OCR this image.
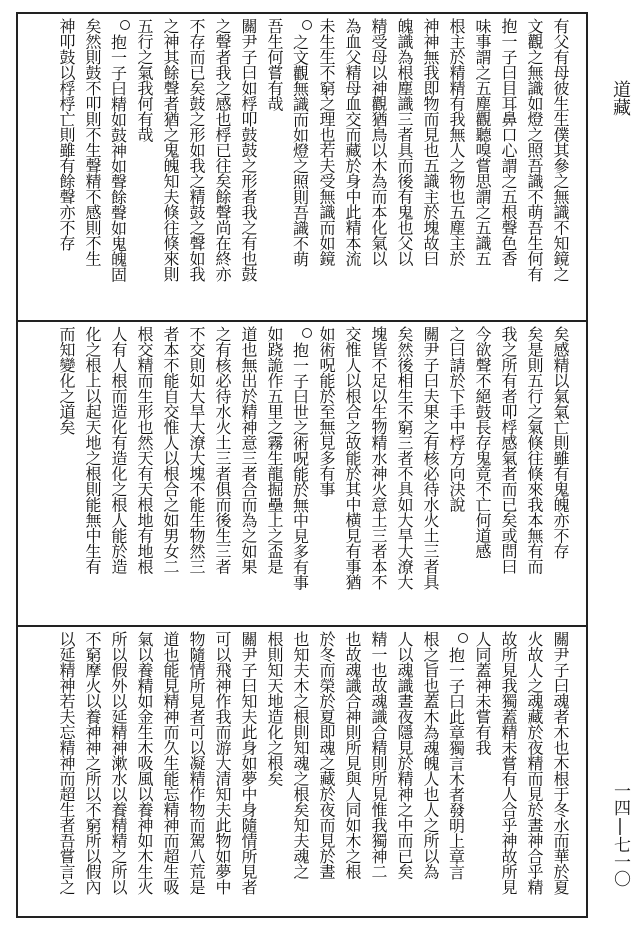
有父有母彼生生僕其參之無識不知鏡之
文觀之無識如燈之照吾識不萌吾生何有
抱一子曰目耳鼻口心謂之五根聲色香
味事謂之五塵觀聽嗅嘗思謂之五識五
根主於精精有我無人之物也五塵主於
神神無我即物而見也五識主於塊故曰
魄識為根塵識三者具而後有鬼也父以
精受母以神觀猶鳥以木為而本化氣以
為血父精母血交而藏於身中此精本流
未生生不窮之理也若夫受無識而如鏡
之文觀無識而如燈之照則吾識不萌
吾生何嘗有哉
關尹子曰如桴叩鼓鼓之形者我之有也鼓
之聲者我之感也桴已往矣餘聲尚在終亦
不存而已矣鼓之形如我之精鼓之聲如我
之神其餘聲者猶之鬼魄知夫倏往倏來則
五行之氣我何有哉
抱一子曰精如鼓神如聲餘聲如鬼魄固
矣然則鼓不叩則不生聲精不感則不生
神叩鼓以桴桴亡則雖有餘聲亦不存
矣感精以氣氣亡則雖有鬼魄亦不存
矣是則五行之氣倏往倏來我本無有而
我之所有者叩桴感氣者而已矣或問曰
今欲聲不絕鼓長存鬼竟不亡何道感
之曰請於下手中桴方向決說
關尹子曰夫果之有核必待水火土三者具
矣然後相生不窮三者不具如大旱大潦大
塊皆不足以生物精水神火意土三者本不
交惟人以根合之故能於其中横見有事猶
如術呪能於至無見多有事
抱一子曰世之術呪能於無中見多有事
如跷詭作五里之霧生龍掘壘上之盃是
道也無出於精神意三者合而為之如果
之有核必待水火土三者俱而後生三者
不交則如大旱大潦大塊不能生物然三
者本不能自交惟人以根合之如男女二
根交精而生形也然天有天根地有地根
人有人根而造化有造化之根人能於造
化之根上以起天地之根則能無中生有
而知變化之道矣
關尹子曰魂者木也木根于冬水而華於夏
火故人之魂藏於夜精而見於晝神合乎精
故所見我獨蓋精未嘗有人合乎神故所見
人同蓋神未嘗有我
抱一子曰此章獨言木者發明上章言
根之旨也蓋木為魂魄人也人之所以為
人以魂識晝夜隱見於精神之中而已矣
精一也故魂識合精則所見惟我獨神二
也故魂識合神則所見與人同如木之根
於冬而榮於夏即魂之藏於夜而見於晝
也知夫木之根則知魂之根矣知夫魂之
根則知天地造化之根矣
關尹子曰知夫此身如夢中身隨情所見者
可以飛神作我而游大清知夫此物如夢中
物隨情所見者可以凝精作物而駕八荒是
道也能見精神而久生能忘精神而超生吸
氣以養精如金生木吸風以養神如木生火
所以假外以延精神漱水以養精精之所以
不窮摩火以養神神之所以不窮所以假內
以延精神若夫忘精神而超生者吾嘗言之
道藏
一四|七一〇
